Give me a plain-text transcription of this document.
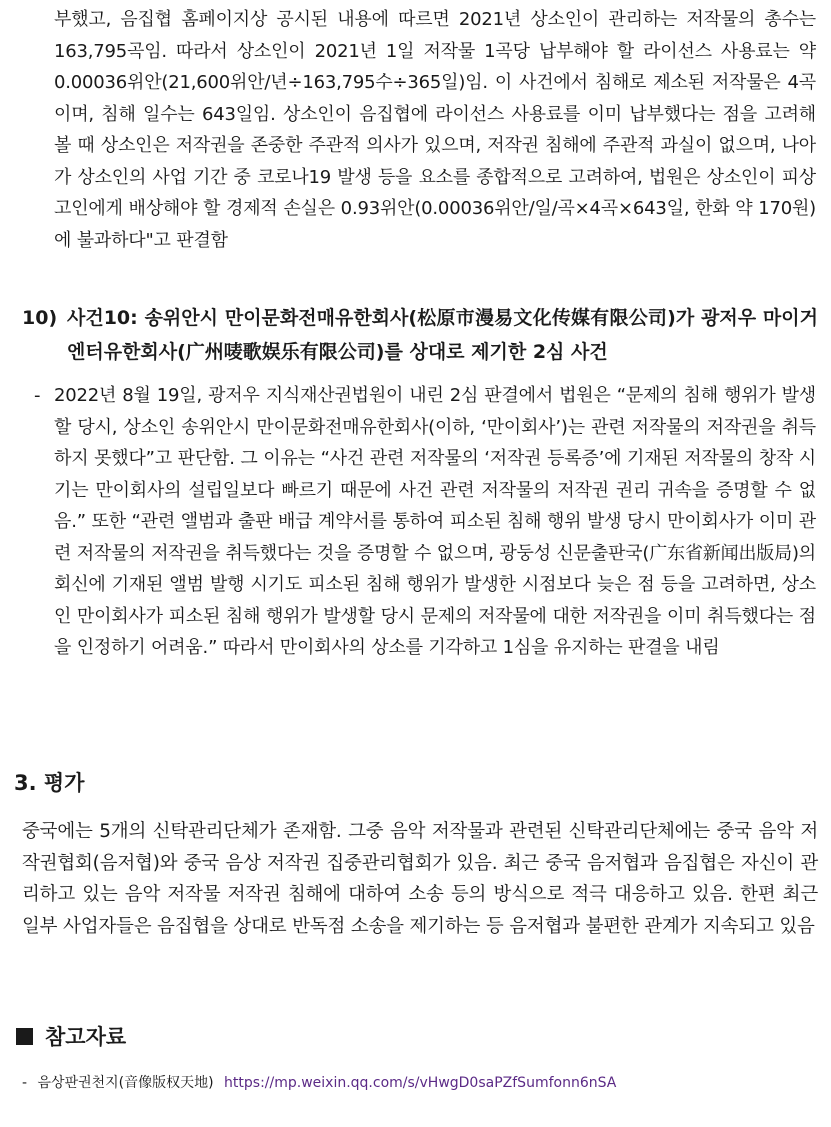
부했고, 음집협 홈페이지상 공시된 내용에 따르면 2021년 상소인이 관리하는 저작물의 총수는 163,795곡임. 따라서 상소인이 2021년 1일 저작물 1곡당 납부해야 할 라이선스 사용료는 약 0.00036위안(21,600위안/년÷163,795수÷365일)임. 이 사건에서 침해로 제소된 저작물은 4곡이며, 침해 일수는 643일임. 상소인이 음집협에 라이선스 사용료를 이미 납부했다는 점을 고려해 볼 때 상소인은 저작권을 존중한 주관적 의사가 있으며, 저작권 침해에 주관적 과실이 없으며, 나아가 상소인의 사업 기간 중 코로나19 발생 등을 요소를 종합적으로 고려하여, 법원은 상소인이 피상고인에게 배상해야 할 경제적 손실은 0.93위안(0.00036위안/일/곡×4곡×643일, 한화 약 170원)에 불과하다"고 판결함

10) 사건10: 송위안시 만이문화전매유한회사(松原市漫易文化传媒有限公司)가 광저우 마이거엔터유한회사(广州唛歌娱乐有限公司)를 상대로 제기한 2심 사건
- 2022년 8월 19일, 광저우 지식재산권법원이 내린 2심 판결에서 법원은 “문제의 침해 행위가 발생할 당시, 상소인 송위안시 만이문화전매유한회사(이하, ‘만이회사’)는 관련 저작물의 저작권을 취득하지 못했다”고 판단함. 그 이유는 “사건 관련 저작물의 ‘저작권 등록증’에 기재된 저작물의 창작 시기는 만이회사의 설립일보다 빠르기 때문에 사건 관련 저작물의 저작권 권리 귀속을 증명할 수 없음.” 또한 “관련 앨범과 출판 배급 계약서를 통하여 피소된 침해 행위 발생 당시 만이회사가 이미 관련 저작물의 저작권을 취득했다는 것을 증명할 수 없으며, 광둥성 신문출판국(广东省新闻出版局)의 회신에 기재된 앨범 발행 시기도 피소된 침해 행위가 발생한 시점보다 늦은 점 등을 고려하면, 상소인 만이회사가 피소된 침해 행위가 발생할 당시 문제의 저작물에 대한 저작권을 이미 취득했다는 점을 인정하기 어려움.” 따라서 만이회사의 상소를 기각하고 1심을 유지하는 판결을 내림

3. 평가

중국에는 5개의 신탁관리단체가 존재함. 그중 음악 저작물과 관련된 신탁관리단체에는 중국 음악 저작권협회(음저협)와 중국 음상 저작권 집중관리협회가 있음. 최근 중국 음저협과 음집협은 자신이 관리하고 있는 음악 저작물 저작권 침해에 대하여 소송 등의 방식으로 적극 대응하고 있음. 한편 최근 일부 사업자들은 음집협을 상대로 반독점 소송을 제기하는 등 음저협과 불편한 관계가 지속되고 있음

참고자료

- 음상판권천지(音像版权天地) https://mp.weixin.qq.com/s/vHwgD0saPZfSumfonn6nSA
